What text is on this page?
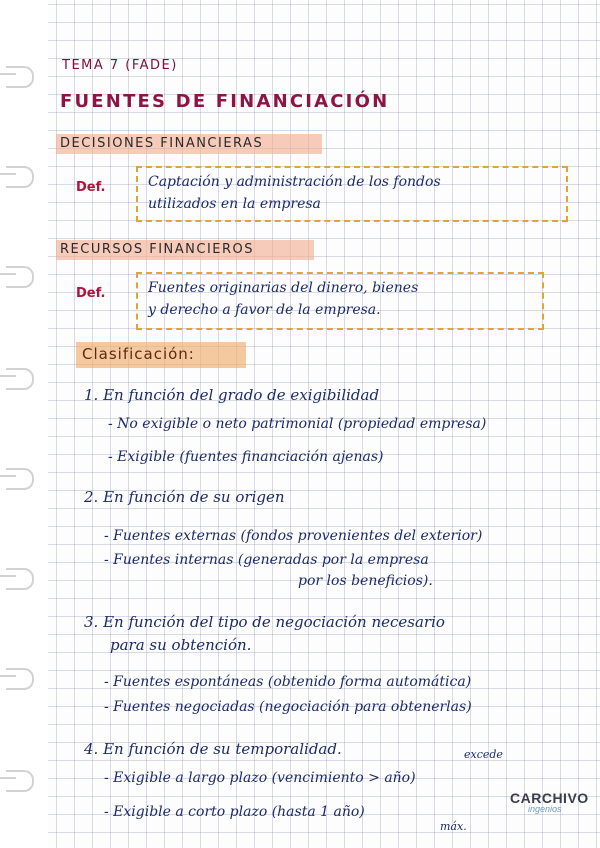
TEMA 7 (FADE)
FUENTES DE FINANCIACIÓN
DECISIONES FINANCIERAS
Def.	Captación y administración de los fondos
utilizados en la empresa
RECURSOS FINANCIEROS
Def.	Fuentes originarias del dinero, bienes
y derecho a favor de la empresa.
Clasificación:
1. En función del grado de exigibilidad
- No exigible o neto patrimonial (propiedad empresa)
- Exigible (fuentes financiación ajenas)
2. En función de su origen
- Fuentes externas (fondos provenientes del exterior)
- Fuentes internas (generadas por la empresa
por los beneficios).
3. En función del tipo de negociación necesario
para su obtención.
- Fuentes espontáneas (obtenido forma automática)
- Fuentes negociadas (negociación para obtenerlas)
4. En función de su temporalidad.	excede
- Exigible a largo plazo (vencimiento > año)
- Exigible a corto plazo (hasta 1 año)
máx.
CARCHIVO
ingenios
